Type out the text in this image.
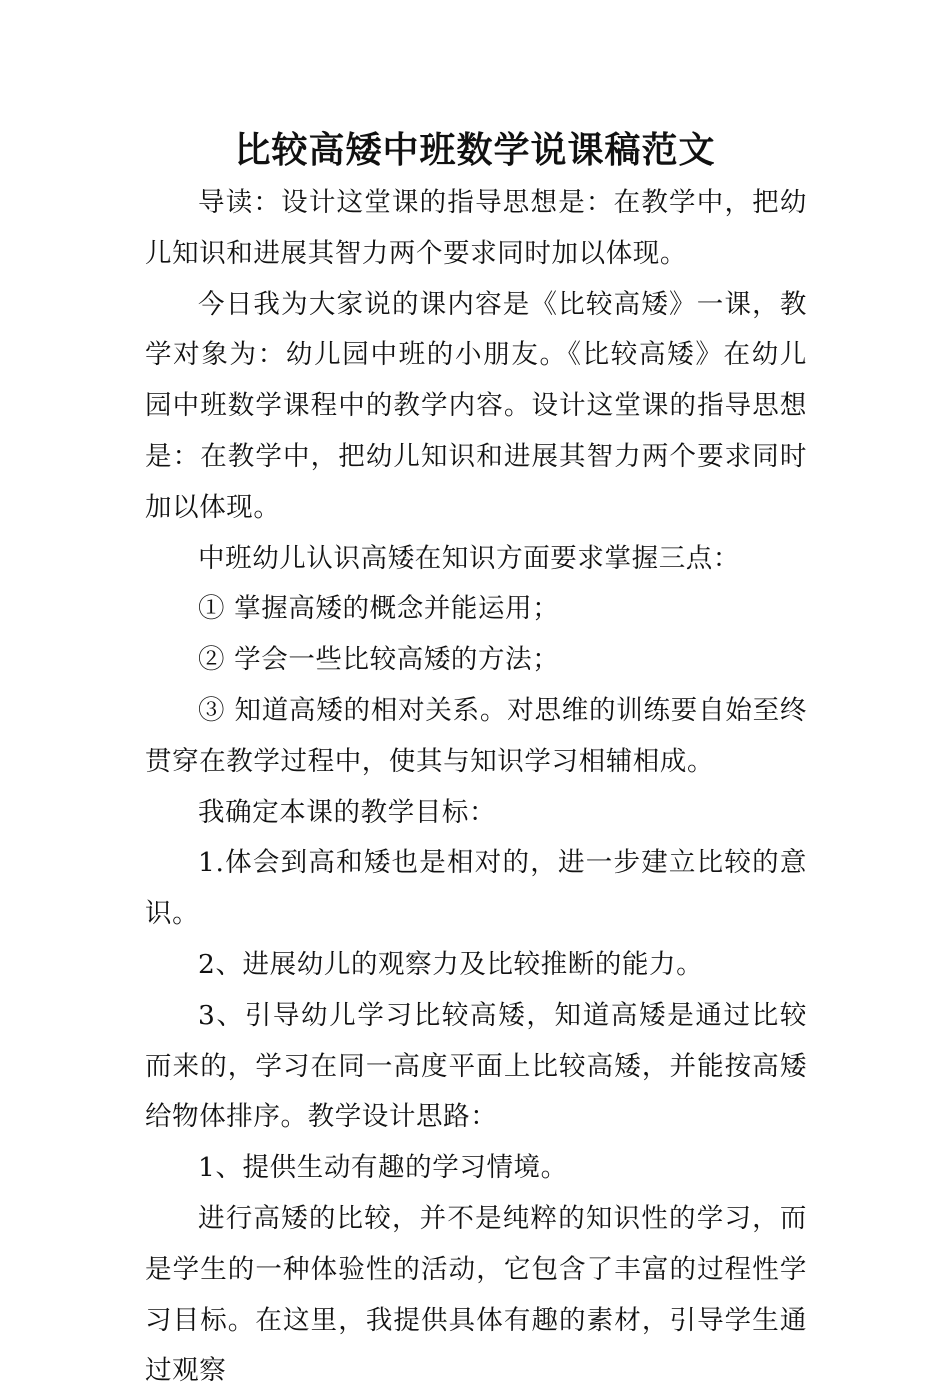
比较高矮中班数学说课稿范文

导读：设计这堂课的指导思想是：在教学中，把幼儿知识和进展其智力两个要求同时加以体现。

今日我为大家说的课内容是《比较高矮》一课，教学对象为：幼儿园中班的小朋友。《比较高矮》在幼儿园中班数学课程中的教学内容。设计这堂课的指导思想是：在教学中，把幼儿知识和进展其智力两个要求同时加以体现。

中班幼儿认识高矮在知识方面要求掌握三点：

① 掌握高矮的概念并能运用；

② 学会一些比较高矮的方法；

③ 知道高矮的相对关系。对思维的训练要自始至终贯穿在教学过程中，使其与知识学习相辅相成。

我确定本课的教学目标：

1.体会到高和矮也是相对的，进一步建立比较的意识。

2、进展幼儿的观察力及比较推断的能力。

3、引导幼儿学习比较高矮，知道高矮是通过比较而来的，学习在同一高度平面上比较高矮，并能按高矮给物体排序。教学设计思路：

1、提供生动有趣的学习情境。

进行高矮的比较，并不是纯粹的知识性的学习，而是学生的一种体验性的活动，它包含了丰富的过程性学习目标。在这里，我提供具体有趣的素材，引导学生通过观察
